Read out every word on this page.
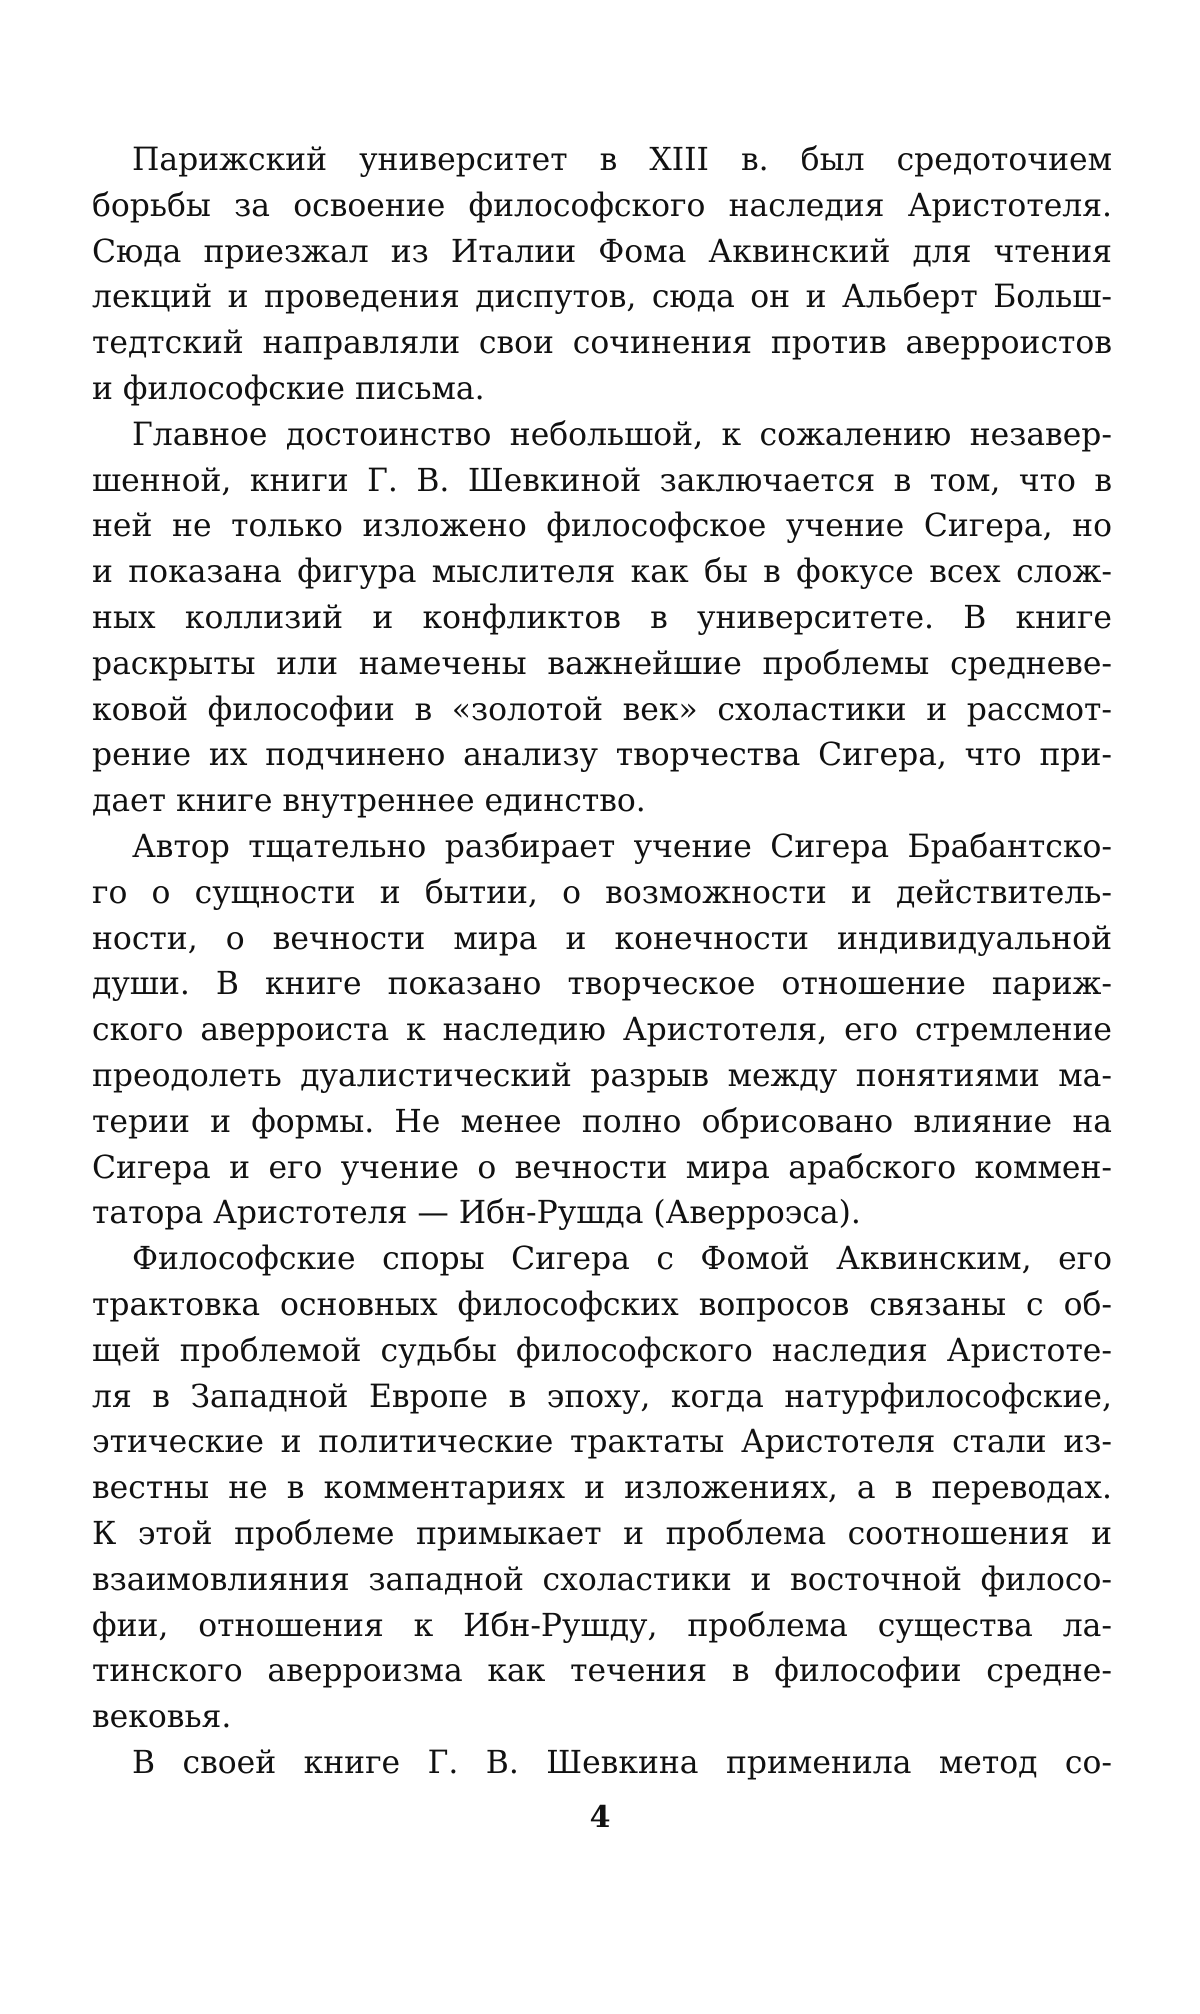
Парижский университет в XIII в. был средоточием
борьбы за освоение философского наследия Аристотеля.
Сюда приезжал из Италии Фома Аквинский для чтения
лекций и проведения диспутов, сюда он и Альберт Больш-
тедтский направляли свои сочинения против аверроистов
и философские письма.
Главное достоинство небольшой, к сожалению незавер-
шенной, книги Г. В. Шевкиной заключается в том, что в
ней не только изложено философское учение Сигера, но
и показана фигура мыслителя как бы в фокусе всех слож-
ных коллизий и конфликтов в университете. В книге
раскрыты или намечены важнейшие проблемы средневе-
ковой философии в «золотой век» схоластики и рассмот-
рение их подчинено анализу творчества Сигера, что при-
дает книге внутреннее единство.
Автор тщательно разбирает учение Сигера Брабантско-
го о сущности и бытии, о возможности и действитель-
ности, о вечности мира и конечности индивидуальной
души. В книге показано творческое отношение париж-
ского аверроиста к наследию Аристотеля, его стремление
преодолеть дуалистический разрыв между понятиями ма-
терии и формы. Не менее полно обрисовано влияние на
Сигера и его учение о вечности мира арабского коммен-
татора Аристотеля — Ибн-Рушда (Аверроэса).
Философские споры Сигера с Фомой Аквинским, его
трактовка основных философских вопросов связаны с об-
щей проблемой судьбы философского наследия Аристоте-
ля в Западной Европе в эпоху, когда натурфилософские,
этические и политические трактаты Аристотеля стали из-
вестны не в комментариях и изложениях, а в переводах.
К этой проблеме примыкает и проблема соотношения и
взаимовлияния западной схоластики и восточной филосо-
фии, отношения к Ибн-Рушду, проблема существа ла-
тинского аверроизма как течения в философии средне-
вековья.
В своей книге Г. В. Шевкина применила метод со-
4
